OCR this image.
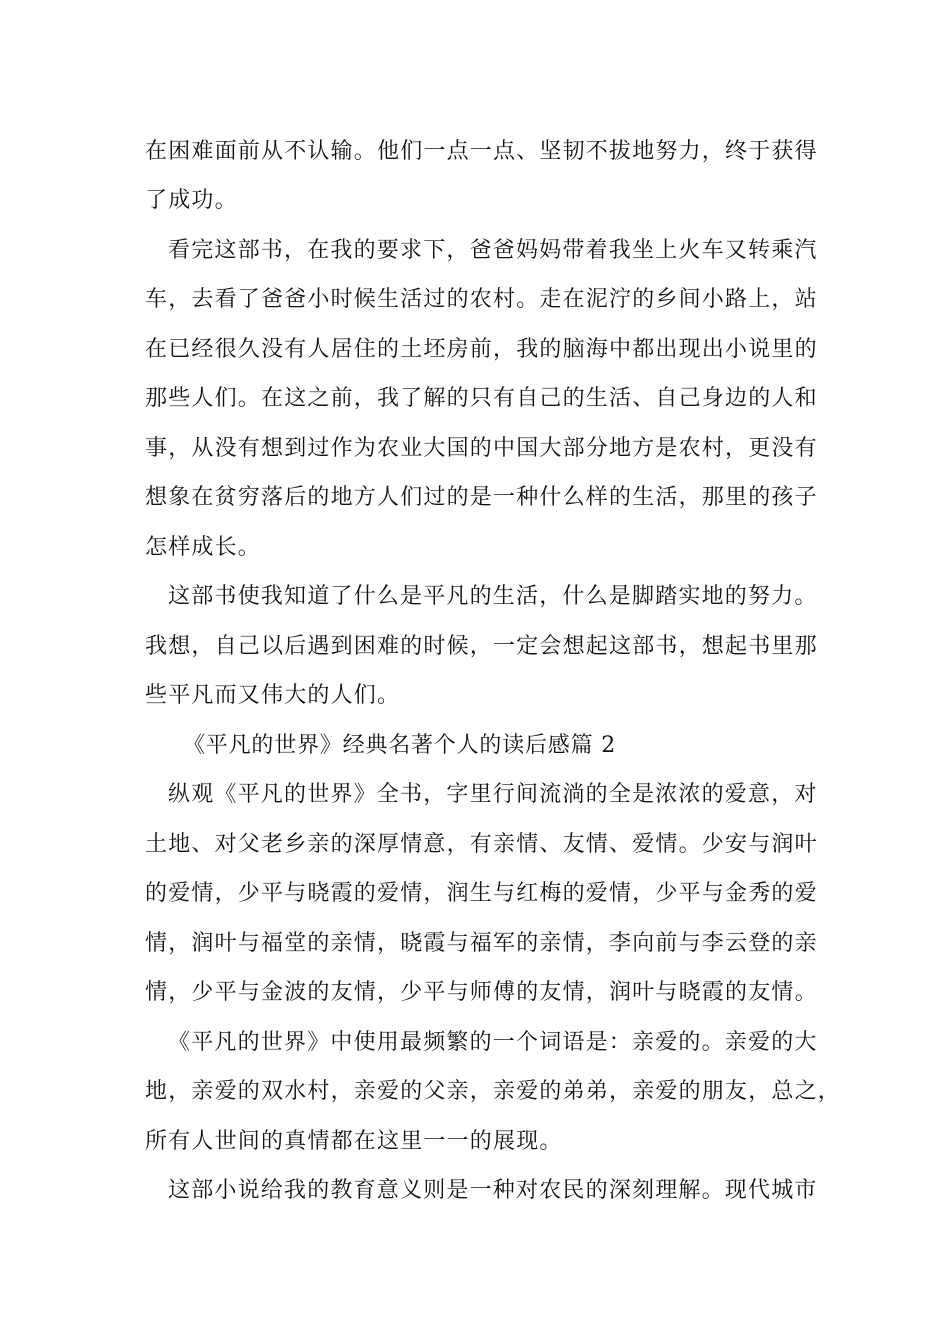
在困难面前从不认输。他们一点一点、坚韧不拔地努力，终于获得
了成功。
看完这部书，在我的要求下，爸爸妈妈带着我坐上火车又转乘汽
车，去看了爸爸小时候生活过的农村。走在泥泞的乡间小路上，站
在已经很久没有人居住的土坯房前，我的脑海中都出现出小说里的
那些人们。在这之前，我了解的只有自己的生活、自己身边的人和
事，从没有想到过作为农业大国的中国大部分地方是农村，更没有
想象在贫穷落后的地方人们过的是一种什么样的生活，那里的孩子
怎样成长。
这部书使我知道了什么是平凡的生活，什么是脚踏实地的努力。
我想，自己以后遇到困难的时候，一定会想起这部书，想起书里那
些平凡而又伟大的人们。
《平凡的世界》经典名著个人的读后感篇 2
纵观《平凡的世界》全书，字里行间流淌的全是浓浓的爱意，对
土地、对父老乡亲的深厚情意，有亲情、友情、爱情。少安与润叶
的爱情，少平与晓霞的爱情，润生与红梅的爱情，少平与金秀的爱
情，润叶与福堂的亲情，晓霞与福军的亲情，李向前与李云登的亲
情，少平与金波的友情，少平与师傅的友情，润叶与晓霞的友情。
《平凡的世界》中使用最频繁的一个词语是：亲爱的。亲爱的大
地，亲爱的双水村，亲爱的父亲，亲爱的弟弟，亲爱的朋友，总之，
所有人世间的真情都在这里一一的展现。
这部小说给我的教育意义则是一种对农民的深刻理解。现代城市
